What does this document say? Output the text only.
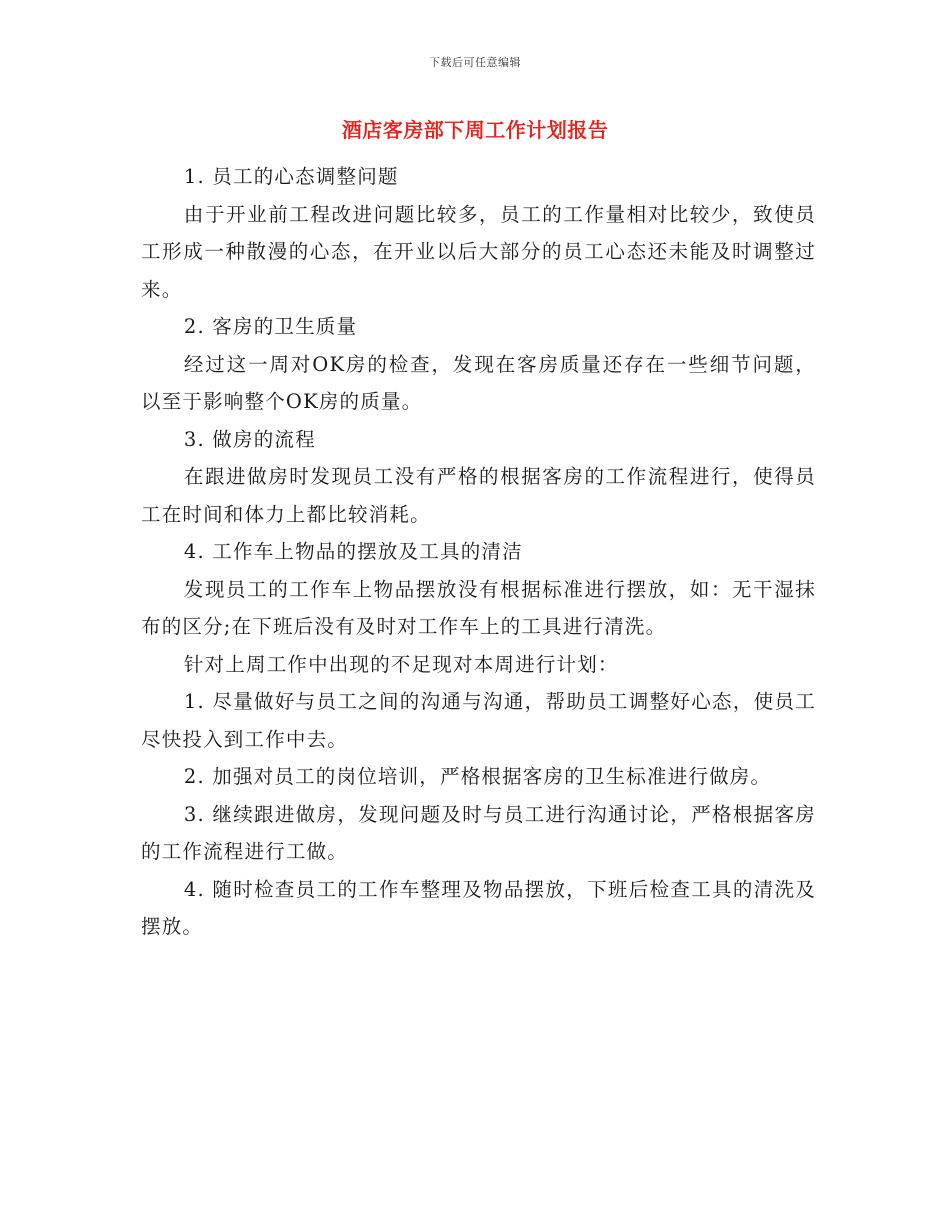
下载后可任意编辑
酒店客房部下周工作计划报告

1. 员工的心态调整问题

由于开业前工程改进问题比较多，员工的工作量相对比较少，致使员工形成一种散漫的心态，在开业以后大部分的员工心态还未能及时调整过来。

2. 客房的卫生质量

经过这一周对OK房的检查，发现在客房质量还存在一些细节问题，以至于影响整个OK房的质量。

3. 做房的流程

在跟进做房时发现员工没有严格的根据客房的工作流程进行，使得员工在时间和体力上都比较消耗。

4. 工作车上物品的摆放及工具的清洁

发现员工的工作车上物品摆放没有根据标准进行摆放，如：无干湿抹布的区分;在下班后没有及时对工作车上的工具进行清洗。

针对上周工作中出现的不足现对本周进行计划：

1. 尽量做好与员工之间的沟通与沟通，帮助员工调整好心态，使员工尽快投入到工作中去。

2. 加强对员工的岗位培训，严格根据客房的卫生标准进行做房。

3. 继续跟进做房，发现问题及时与员工进行沟通讨论，严格根据客房的工作流程进行工做。

4. 随时检查员工的工作车整理及物品摆放，下班后检查工具的清洗及摆放。
